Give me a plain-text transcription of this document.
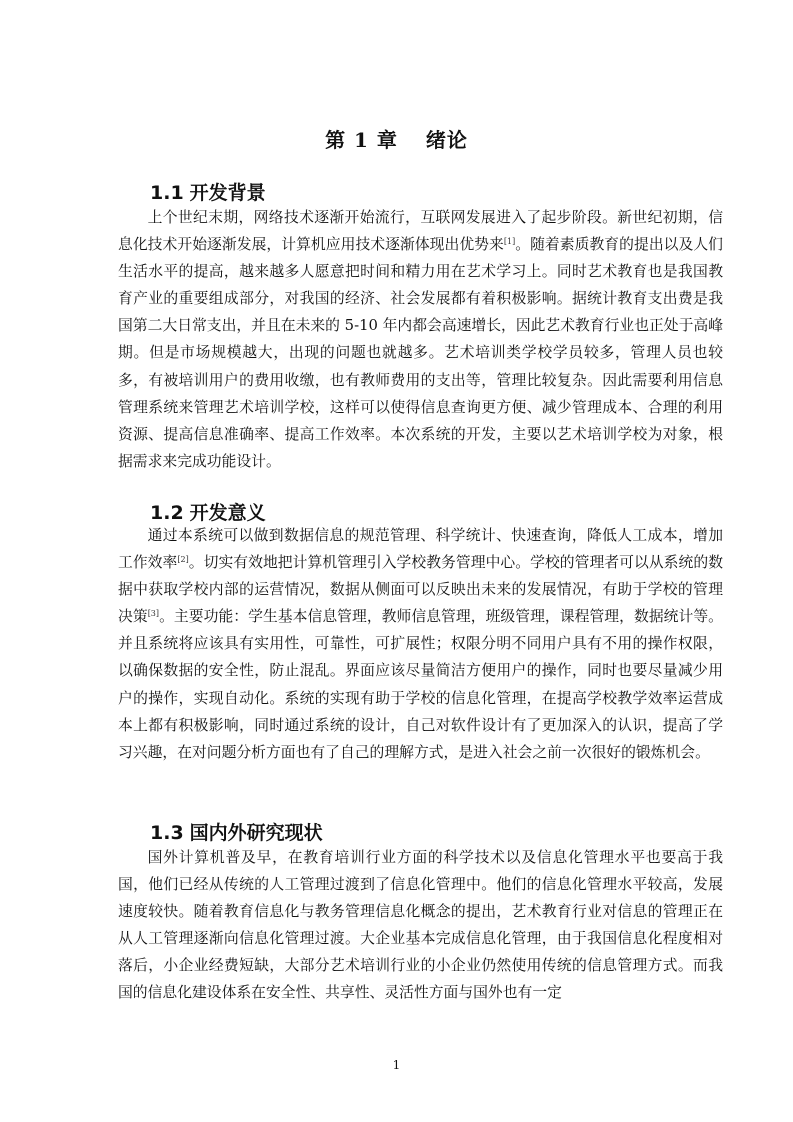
第 1 章 绪论
1.1 开发背景

上个世纪末期，网络技术逐渐开始流行，互联网发展进入了起步阶段。新世纪初期，信息化技术开始逐渐发展，计算机应用技术逐渐体现出优势来[1]。随着素质教育的提出以及人们生活水平的提高，越来越多人愿意把时间和精力用在艺术学习上。同时艺术教育也是我国教育产业的重要组成部分，对我国的经济、社会发展都有着积极影响。据统计教育支出费是我国第二大日常支出，并且在未来的 5-10 年内都会高速增长，因此艺术教育行业也正处于高峰期。但是市场规模越大，出现的问题也就越多。艺术培训类学校学员较多，管理人员也较多，有被培训用户的费用收缴，也有教师费用的支出等，管理比较复杂。因此需要利用信息管理系统来管理艺术培训学校，这样可以使得信息查询更方便、减少管理成本、合理的利用资源、提高信息准确率、提高工作效率。本次系统的开发，主要以艺术培训学校为对象，根据需求来完成功能设计。

1.2 开发意义

通过本系统可以做到数据信息的规范管理、科学统计、快速查询，降低人工成本，增加工作效率[2]。切实有效地把计算机管理引入学校教务管理中心。学校的管理者可以从系统的数据中获取学校内部的运营情况，数据从侧面可以反映出未来的发展情况，有助于学校的管理决策[3]。主要功能：学生基本信息管理，教师信息管理，班级管理，课程管理，数据统计等。并且系统将应该具有实用性，可靠性，可扩展性；权限分明不同用户具有不用的操作权限，以确保数据的安全性，防止混乱。界面应该尽量简洁方便用户的操作，同时也要尽量减少用户的操作，实现自动化。系统的实现有助于学校的信息化管理，在提高学校教学效率运营成本上都有积极影响，同时通过系统的设计，自己对软件设计有了更加深入的认识，提高了学习兴趣，在对问题分析方面也有了自己的理解方式，是进入社会之前一次很好的锻炼机会。

1.3 国内外研究现状

国外计算机普及早，在教育培训行业方面的科学技术以及信息化管理水平也要高于我国，他们已经从传统的人工管理过渡到了信息化管理中。他们的信息化管理水平较高，发展速度较快。随着教育信息化与教务管理信息化概念的提出，艺术教育行业对信息的管理正在从人工管理逐渐向信息化管理过渡。大企业基本完成信息化管理，由于我国信息化程度相对落后，小企业经费短缺，大部分艺术培训行业的小企业仍然使用传统的信息管理方式。而我国的信息化建设体系在安全性、共享性、灵活性方面与国外也有一定

1
